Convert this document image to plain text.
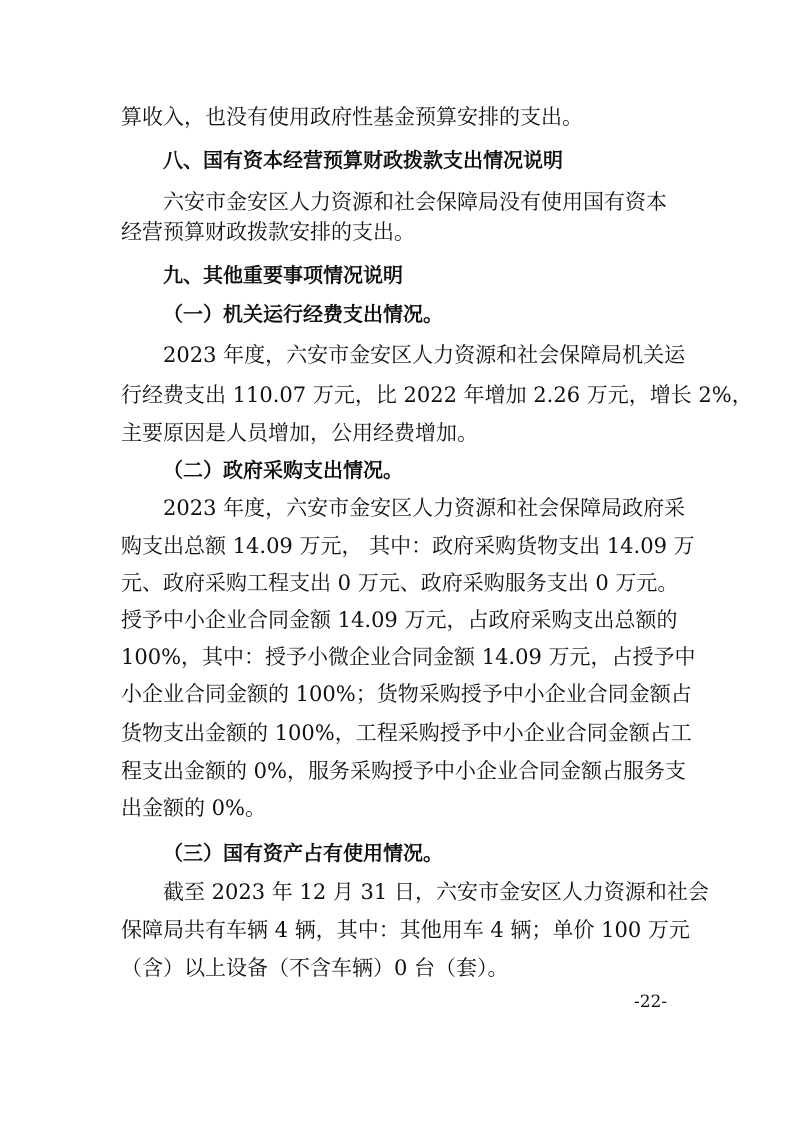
算收入，也没有使用政府性基金预算安排的支出。
八、国有资本经营预算财政拨款支出情况说明
六安市金安区人力资源和社会保障局没有使用国有资本
经营预算财政拨款安排的支出。
九、其他重要事项情况说明
（一）机关运行经费支出情况。
2023 年度，六安市金安区人力资源和社会保障局机关运
行经费支出 110.07 万元，比 2022 年增加 2.26 万元，增长 2%，
主要原因是人员增加，公用经费增加。
（二）政府采购支出情况。
2023 年度，六安市金安区人力资源和社会保障局政府采
购支出总额 14.09 万元， 其中：政府采购货物支出 14.09 万
元、政府采购工程支出 0 万元、政府采购服务支出 0 万元。
授予中小企业合同金额 14.09 万元，占政府采购支出总额的
100%，其中：授予小微企业合同金额 14.09 万元，占授予中
小企业合同金额的 100%；货物采购授予中小企业合同金额占
货物支出金额的 100%，工程采购授予中小企业合同金额占工
程支出金额的 0%，服务采购授予中小企业合同金额占服务支
出金额的 0%。
（三）国有资产占有使用情况。
截至 2023 年 12 月 31 日，六安市金安区人力资源和社会
保障局共有车辆 4 辆，其中：其他用车 4 辆；单价 100 万元
（含）以上设备（不含车辆）0 台（套）。
-22-
